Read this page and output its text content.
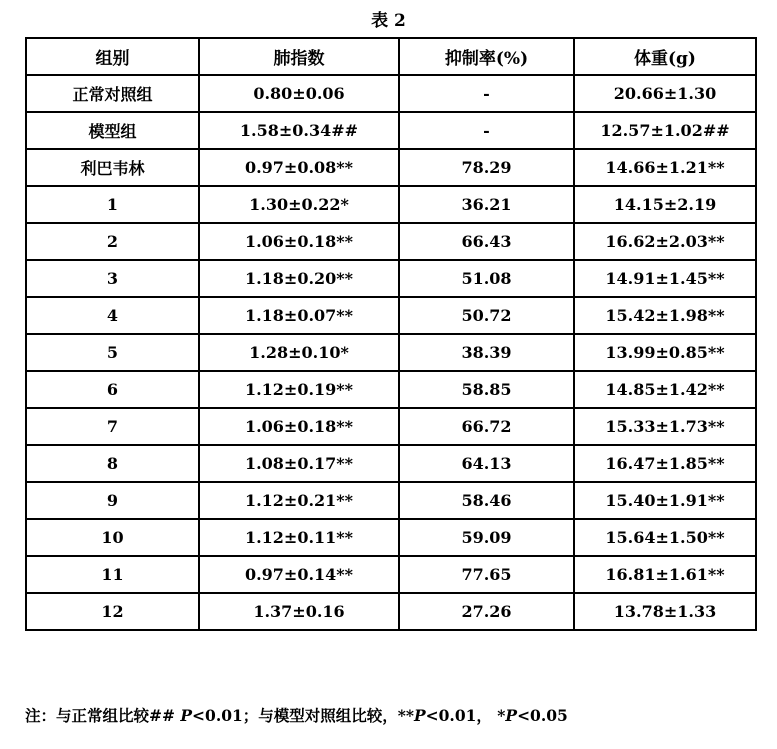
表 2
组别	肺指数	抑制率(%)	体重(g)
正常对照组	0.80±0.06	-	20.66±1.30
模型组	1.58±0.34##	-	12.57±1.02##
利巴韦林	0.97±0.08**	78.29	14.66±1.21**
1	1.30±0.22*	36.21	14.15±2.19
2	1.06±0.18**	66.43	16.62±2.03**
3	1.18±0.20**	51.08	14.91±1.45**
4	1.18±0.07**	50.72	15.42±1.98**
5	1.28±0.10*	38.39	13.99±0.85**
6	1.12±0.19**	58.85	14.85±1.42**
7	1.06±0.18**	66.72	15.33±1.73**
8	1.08±0.17**	64.13	16.47±1.85**
9	1.12±0.21**	58.46	15.40±1.91**
10	1.12±0.11**	59.09	15.64±1.50**
11	0.97±0.14**	77.65	16.81±1.61**
12	1.37±0.16	27.26	13.78±1.33
注：与正常组比较## P<0.01；与模型对照组比较，**P<0.01， *P<0.05
